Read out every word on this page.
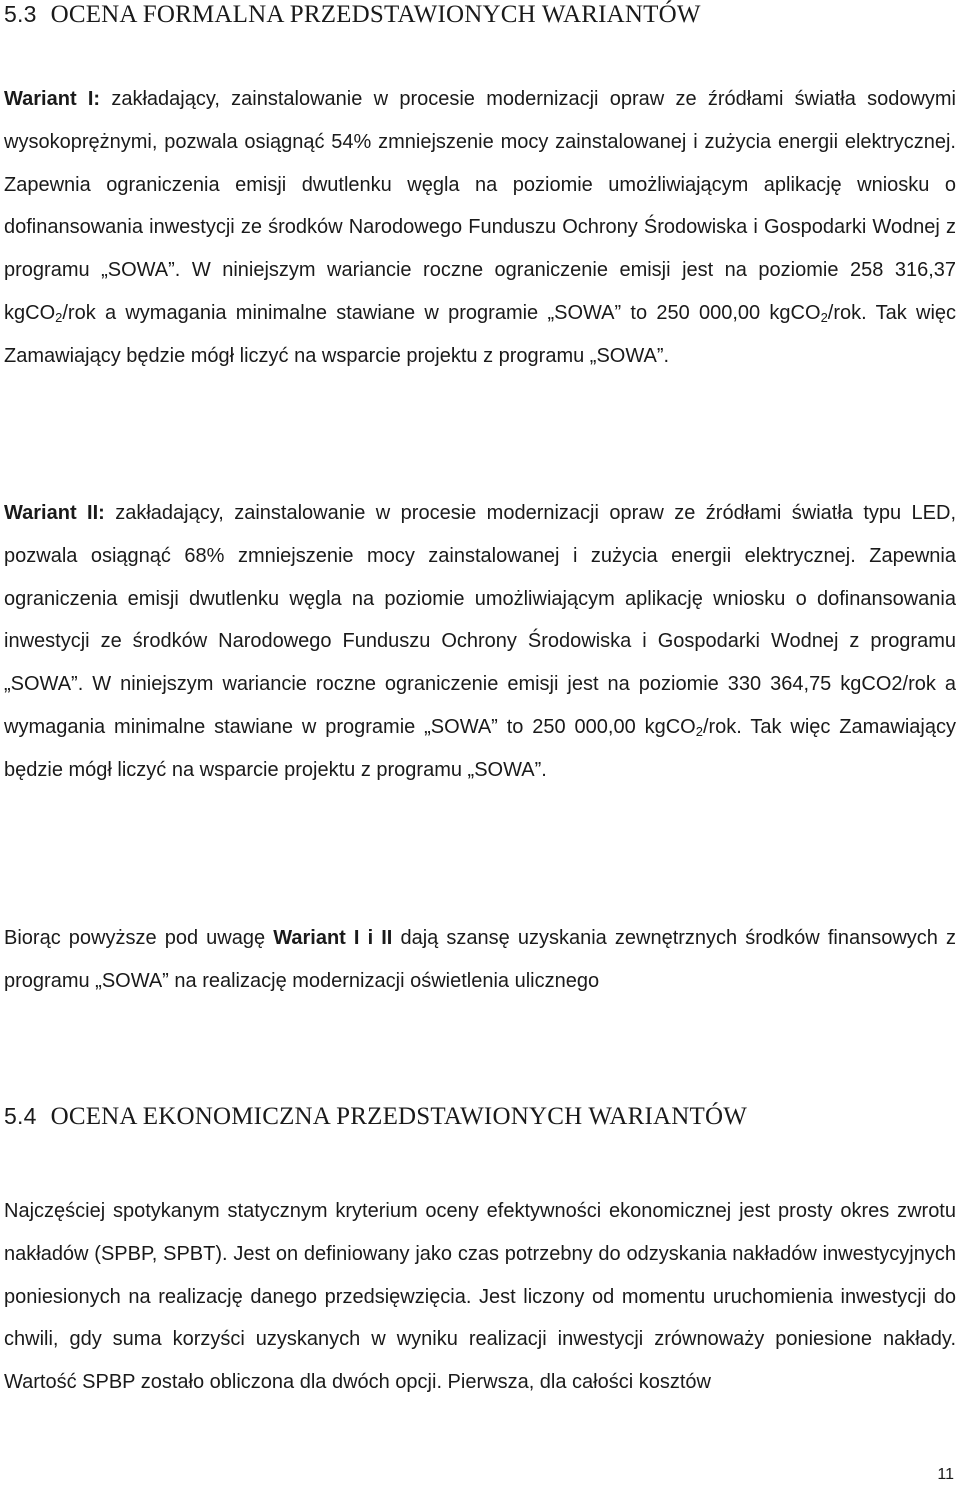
5.3 OCENA FORMALNA PRZEDSTAWIONYCH WARIANTÓW

Wariant I: zakładający, zainstalowanie w procesie modernizacji opraw ze źródłami światła sodowymi wysokoprężnymi, pozwala osiągnąć 54% zmniejszenie mocy zainstalowanej i zużycia energii elektrycznej. Zapewnia ograniczenia emisji dwutlenku węgla na poziomie umożliwiającym aplikację wniosku o dofinansowania inwestycji ze środków Narodowego Funduszu Ochrony Środowiska i Gospodarki Wodnej z programu „SOWA”. W niniejszym wariancie roczne ograniczenie emisji jest na poziomie 258 316,37 kgCO$_2$/rok a wymagania minimalne stawiane w programie „SOWA” to 250 000,00 kgCO$_2$/rok. Tak więc Zamawiający będzie mógł liczyć na wsparcie projektu z programu „SOWA”.

Wariant II: zakładający, zainstalowanie w procesie modernizacji opraw ze źródłami światła typu LED, pozwala osiągnąć 68% zmniejszenie mocy zainstalowanej i zużycia energii elektrycznej. Zapewnia ograniczenia emisji dwutlenku węgla na poziomie umożliwiającym aplikację wniosku o dofinansowania inwestycji ze środków Narodowego Funduszu Ochrony Środowiska i Gospodarki Wodnej z programu „SOWA”. W niniejszym wariancie roczne ograniczenie emisji jest na poziomie 330 364,75 kgCO2/rok a wymagania minimalne stawiane w programie „SOWA” to 250 000,00 kgCO$_2$/rok. Tak więc Zamawiający będzie mógł liczyć na wsparcie projektu z programu „SOWA”.

Biorąc powyższe pod uwagę Wariant I i II dają szansę uzyskania zewnętrznych środków finansowych z programu „SOWA” na realizację modernizacji oświetlenia ulicznego

5.4 OCENA EKONOMICZNA PRZEDSTAWIONYCH WARIANTÓW

Najczęściej spotykanym statycznym kryterium oceny efektywności ekonomicznej jest prosty okres zwrotu nakładów (SPBP, SPBT). Jest on definiowany jako czas potrzebny do odzyskania nakładów inwestycyjnych poniesionych na realizację danego przedsięwzięcia. Jest liczony od momentu uruchomienia inwestycji do chwili, gdy suma korzyści uzyskanych w wyniku realizacji inwestycji zrównoważy poniesione nakłady. Wartość SPBP zostało obliczona dla dwóch opcji. Pierwsza, dla całości kosztów

11
